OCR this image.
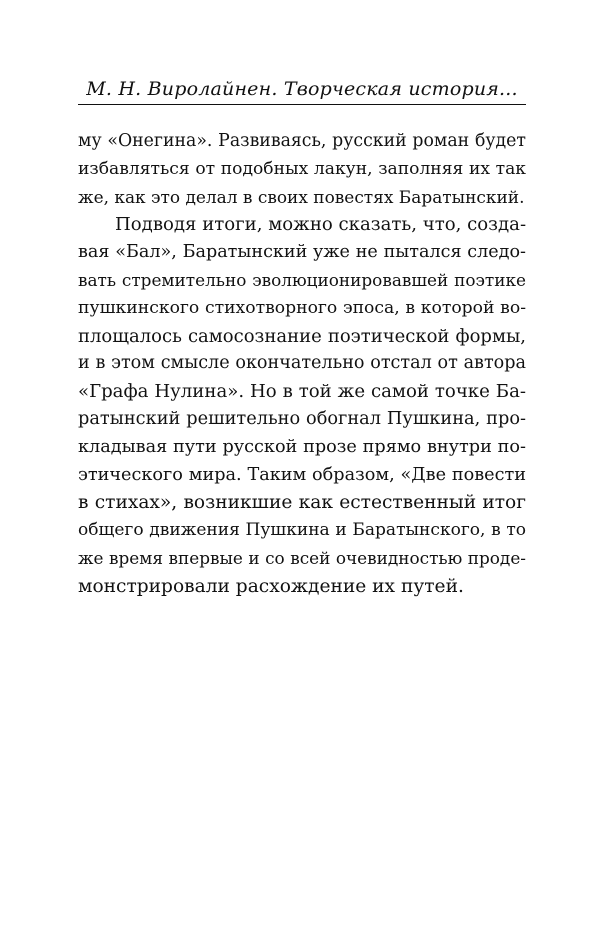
М. Н. Виролайнен. Творческая история...
му «Онегина». Развиваясь, русский роман будет
избавляться от подобных лакун, заполняя их так
же, как это делал в своих повестях Баратынский.
Подводя итоги, можно сказать, что, созда-
вая «Бал», Баратынский уже не пытался следо-
вать стремительно эволюционировавшей поэтике
пушкинского стихотворного эпоса, в которой во-
площалось самосознание поэтической формы,
и в этом смысле окончательно отстал от автора
«Графа Нулина». Но в той же самой точке Ба-
ратынский решительно обогнал Пушкина, про-
кладывая пути русской прозе прямо внутри по-
этического мира. Таким образом, «Две повести
в стихах», возникшие как естественный итог
общего движения Пушкина и Баратынского, в то
же время впервые и со всей очевидностью продe-
монстрировали расхождение их путей.
